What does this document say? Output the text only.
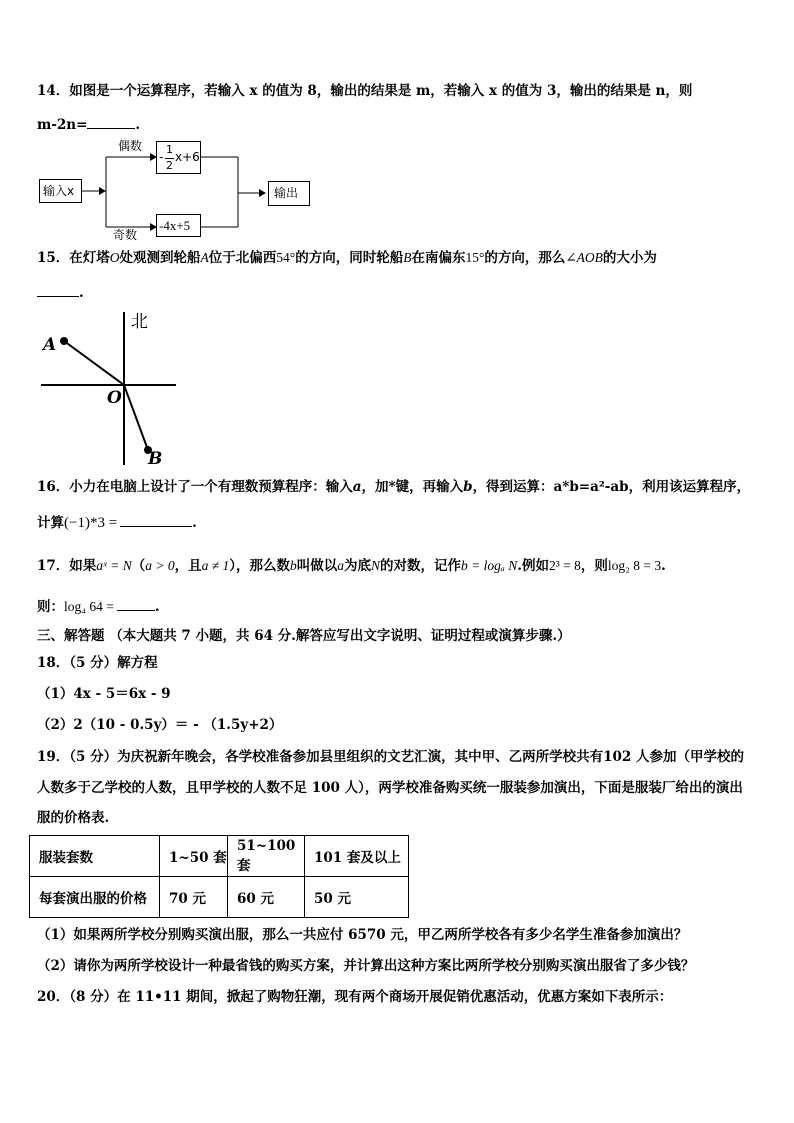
14．如图是一个运算程序，若输入 x 的值为 8，输出的结果是 m，若输入 x 的值为 3，输出的结果是 n，则
m-2n=	.
输入x
偶数
奇数
-
1
2
x+6
-4x+5
输出
15．在灯塔O处观测到轮船A位于北偏西54°的方向，同时轮船B在南偏东15°的方向，那么∠AOB的大小为
.
北
A
O
B
16．小力在电脑上设计了一个有理数预算程序：输入a，加*键，再输入b，得到运算：a*b=a²-ab，利用该运算程序，
计算(−1)*3 =	.
17．如果aˣ = N（a > 0，且a ≠ 1），那么数b叫做以a为底N的对数，记作b = logₐ N.例如2³ = 8，则log₂ 8 = 3.
则：log₄ 64 =	.
三、解答题 （本大题共 7 小题，共 64 分.解答应写出文字说明、证明过程或演算步骤.）
18．（5 分）解方程
（1）4x - 5＝6x - 9
（2）2（10 - 0.5y）＝ - （1.5y+2）
19．（5 分）为庆祝新年晚会，各学校准备参加县里组织的文艺汇演，其中甲、乙两所学校共有102 人参加（甲学校的
人数多于乙学校的人数，且甲学校的人数不足 100 人），两学校准备购买统一服装参加演出，下面是服装厂给出的演出
服的价格表.
服装套数	1~50 套	51~100 套	101 套及以上
每套演出服的价格	70 元	60 元	50 元
（1）如果两所学校分别购买演出服，那么一共应付 6570 元，甲乙两所学校各有多少名学生准备参加演出？
（2）请你为两所学校设计一种最省钱的购买方案，并计算出这种方案比两所学校分别购买演出服省了多少钱？
20．（8 分）在 11•11 期间，掀起了购物狂潮，现有两个商场开展促销优惠活动，优惠方案如下表所示：
